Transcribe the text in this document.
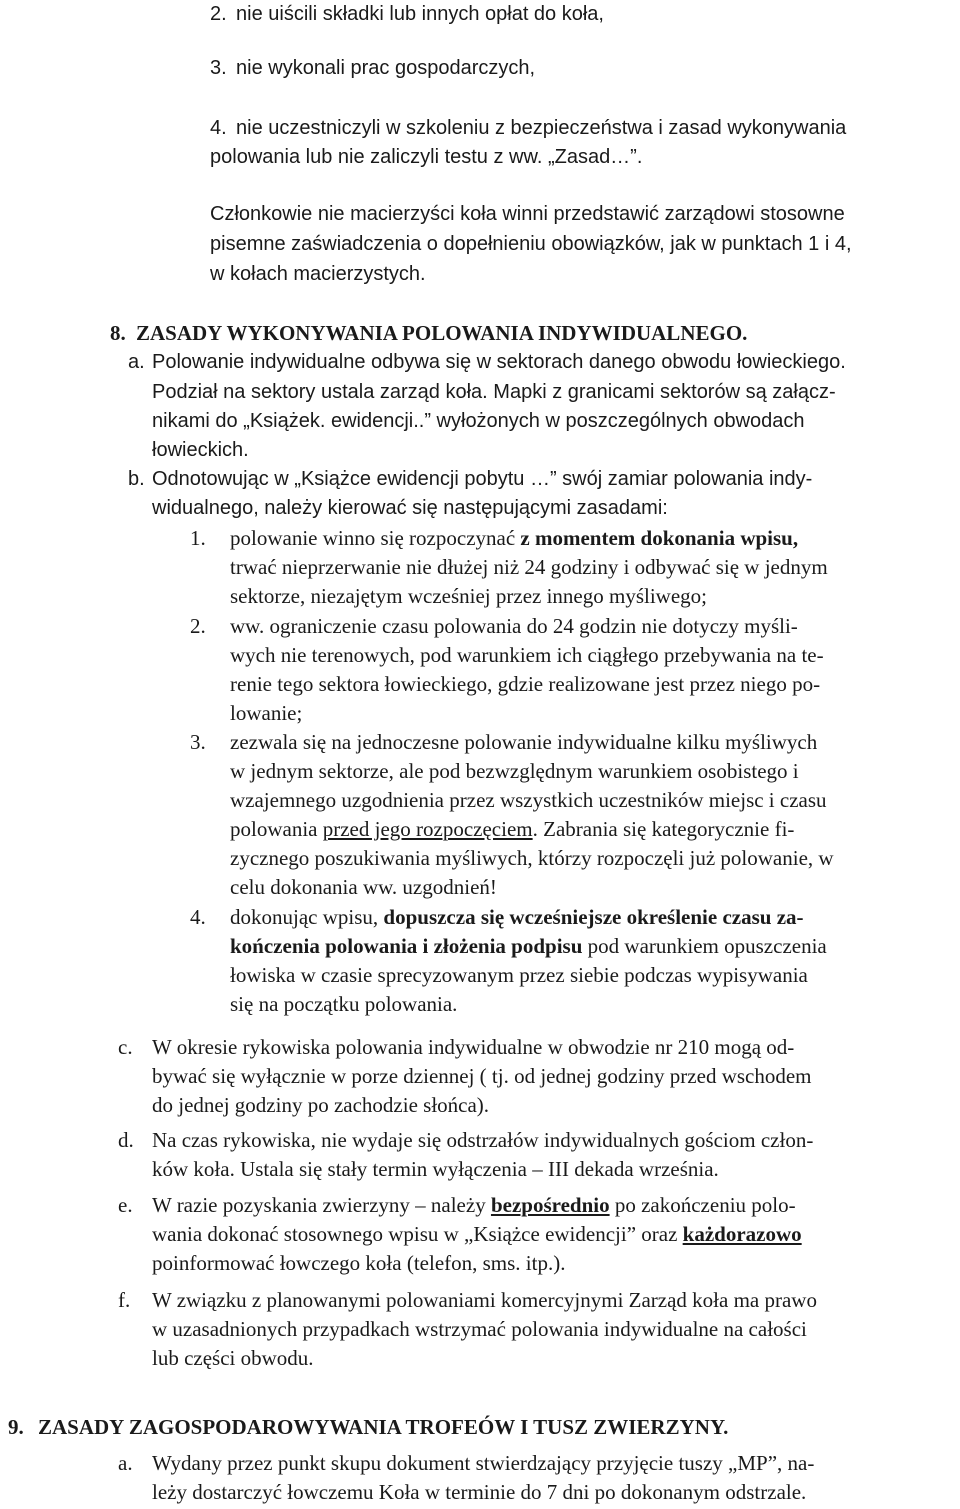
2. nie uiścili składki lub innych opłat do koła,
3. nie wykonali prac gospodarczych,
4. nie uczestniczyli w szkoleniu z bezpieczeństwa i zasad wykonywania
polowania lub nie zaliczyli testu z ww. „Zasad…”.
Członkowie nie macierzyści koła winni przedstawić zarządowi stosowne
pisemne zaświadczenia o dopełnieniu obowiązków, jak w punktach 1 i 4,
w kołach macierzystych.
8. ZASADY WYKONYWANIA POLOWANIA INDYWIDUALNEGO.
a. Polowanie indywidualne odbywa się w sektorach danego obwodu łowieckiego.
Podział na sektory ustala zarząd koła. Mapki z granicami sektorów są załącz-
nikami do „Książek. ewidencji..” wyłożonych w poszczególnych obwodach
łowieckich.
b. Odnotowując w „Książce ewidencji pobytu …” swój zamiar polowania indy-
widualnego, należy kierować się następującymi zasadami:
1. polowanie winno się rozpoczynać z momentem dokonania wpisu,
trwać nieprzerwanie nie dłużej niż 24 godziny i odbywać się w jednym
sektorze, niezajętym wcześniej przez innego myśliwego;
2. ww. ograniczenie czasu polowania do 24 godzin nie dotyczy myśli-
wych nie terenowych, pod warunkiem ich ciągłego przebywania na te-
renie tego sektora łowieckiego, gdzie realizowane jest przez niego po-
lowanie;
3. zezwala się na jednoczesne polowanie indywidualne kilku myśliwych
w jednym sektorze, ale pod bezwzględnym warunkiem osobistego i
wzajemnego uzgodnienia przez wszystkich uczestników miejsc i czasu
polowania przed jego rozpoczęciem. Zabrania się kategorycznie fi-
zycznego poszukiwania myśliwych, którzy rozpoczęli już polowanie, w
celu dokonania ww. uzgodnień!
4. dokonując wpisu, dopuszcza się wcześniejsze określenie czasu za-
kończenia polowania i złożenia podpisu pod warunkiem opuszczenia
łowiska w czasie sprecyzowanym przez siebie podczas wypisywania
się na początku polowania.
c. W okresie rykowiska polowania indywidualne w obwodzie nr 210 mogą od-
bywać się wyłącznie w porze dziennej ( tj. od jednej godziny przed wschodem
do jednej godziny po zachodzie słońca).
d. Na czas rykowiska, nie wydaje się odstrzałów indywidualnych gościom człon-
ków koła. Ustala się stały termin wyłączenia – III dekada września.
e. W razie pozyskania zwierzyny – należy bezpośrednio po zakończeniu polo-
wania dokonać stosownego wpisu w „Książce ewidencji” oraz każdorazowo
poinformować łowczego koła (telefon, sms. itp.).
f. W związku z planowanymi polowaniami komercyjnymi Zarząd koła ma prawo
w uzasadnionych przypadkach wstrzymać polowania indywidualne na całości
lub części obwodu.
9. ZASADY ZAGOSPODAROWYWANIA TROFEÓW I TUSZ ZWIERZYNY.
a. Wydany przez punkt skupu dokument stwierdzający przyjęcie tuszy „MP”, na-
leży dostarczyć łowczemu Koła w terminie do 7 dni po dokonanym odstrzale.
